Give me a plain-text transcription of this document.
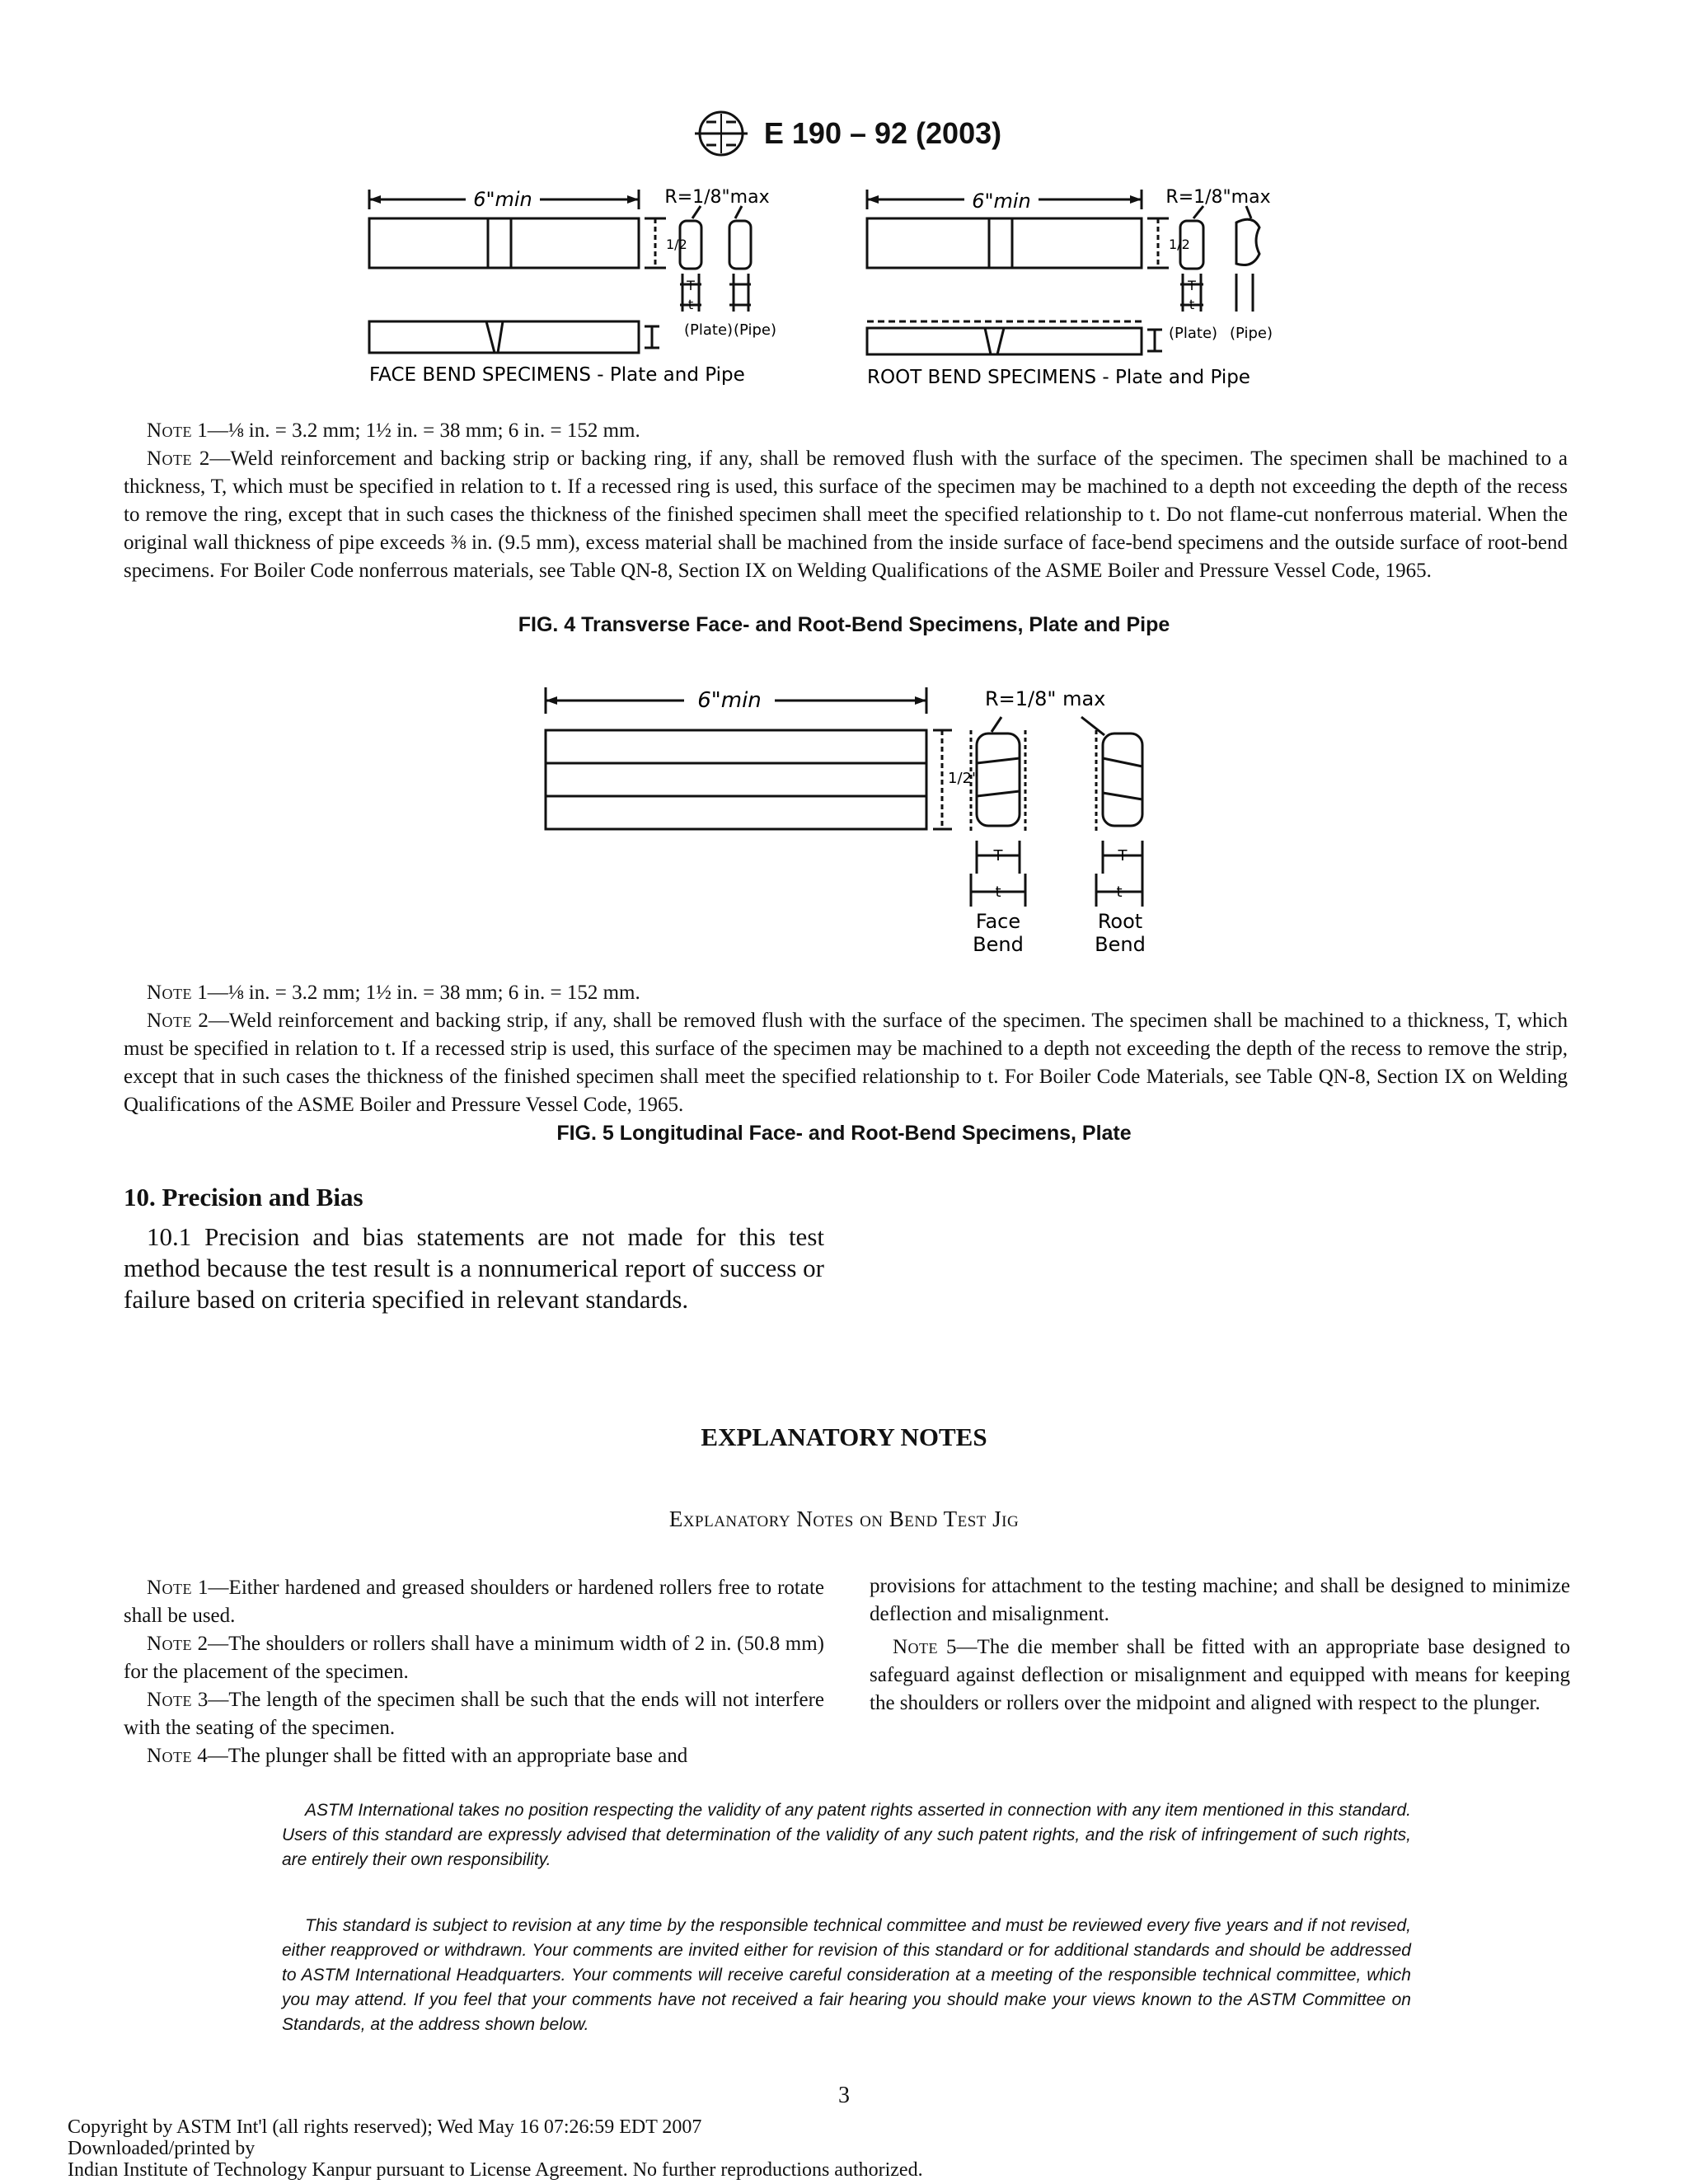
E 190 – 92 (2003)
6"min	R=1/8"max
1/2
T
t
(Plate) (Pipe)
FACE BEND SPECIMENS - Plate and Pipe
6"min	R=1/8"max
1/2
T
t
(Plate) (Pipe)
ROOT BEND SPECIMENS - Plate and Pipe

Note 1—⅛ in. = 3.2 mm; 1½ in. = 38 mm; 6 in. = 152 mm.

Note 2—Weld reinforcement and backing strip or backing ring, if any, shall be removed flush with the surface of the specimen. The specimen shall be machined to a thickness, T, which must be specified in relation to t. If a recessed ring is used, this surface of the specimen may be machined to a depth not exceeding the depth of the recess to remove the ring, except that in such cases the thickness of the finished specimen shall meet the specified relationship to t. Do not flame-cut nonferrous material. When the original wall thickness of pipe exceeds ⅜ in. (9.5 mm), excess material shall be machined from the inside surface of face-bend specimens and the outside surface of root-bend specimens. For Boiler Code nonferrous materials, see Table QN-8, Section IX on Welding Qualifications of the ASME Boiler and Pressure Vessel Code, 1965.

FIG. 4 Transverse Face- and Root-Bend Specimens, Plate and Pipe
6"min	R=1/8" max
1/2"
T
t
T
t
Face
Bend
Root
Bend

Note 1—⅛ in. = 3.2 mm; 1½ in. = 38 mm; 6 in. = 152 mm.

Note 2—Weld reinforcement and backing strip, if any, shall be removed flush with the surface of the specimen. The specimen shall be machined to a thickness, T, which must be specified in relation to t. If a recessed strip is used, this surface of the specimen may be machined to a depth not exceeding the depth of the recess to remove the strip, except that in such cases the thickness of the finished specimen shall meet the specified relationship to t. For Boiler Code Materials, see Table QN-8, Section IX on Welding Qualifications of the ASME Boiler and Pressure Vessel Code, 1965.

FIG. 5 Longitudinal Face- and Root-Bend Specimens, Plate
10. Precision and Bias

10.1 Precision and bias statements are not made for this test method because the test result is a nonnumerical report of success or failure based on criteria specified in relevant standards.

EXPLANATORY NOTES
Explanatory Notes on Bend Test Jig

Note 1—Either hardened and greased shoulders or hardened rollers free to rotate shall be used.

Note 2—The shoulders or rollers shall have a minimum width of 2 in. (50.8 mm) for the placement of the specimen.

Note 3—The length of the specimen shall be such that the ends will not interfere with the seating of the specimen.

Note 4—The plunger shall be fitted with an appropriate base and

provisions for attachment to the testing machine; and shall be designed to minimize deflection and misalignment.

Note 5—The die member shall be fitted with an appropriate base designed to safeguard against deflection or misalignment and equipped with means for keeping the shoulders or rollers over the midpoint and aligned with respect to the plunger.

ASTM International takes no position respecting the validity of any patent rights asserted in connection with any item mentioned in this standard. Users of this standard are expressly advised that determination of the validity of any such patent rights, and the risk of infringement of such rights, are entirely their own responsibility.

This standard is subject to revision at any time by the responsible technical committee and must be reviewed every five years and if not revised, either reapproved or withdrawn. Your comments are invited either for revision of this standard or for additional standards and should be addressed to ASTM International Headquarters. Your comments will receive careful consideration at a meeting of the responsible technical committee, which you may attend. If you feel that your comments have not received a fair hearing you should make your views known to the ASTM Committee on Standards, at the address shown below.

3
Copyright by ASTM Int'l (all rights reserved); Wed May 16 07:26:59 EDT 2007
Downloaded/printed by
Indian Institute of Technology Kanpur pursuant to License Agreement. No further reproductions authorized.
